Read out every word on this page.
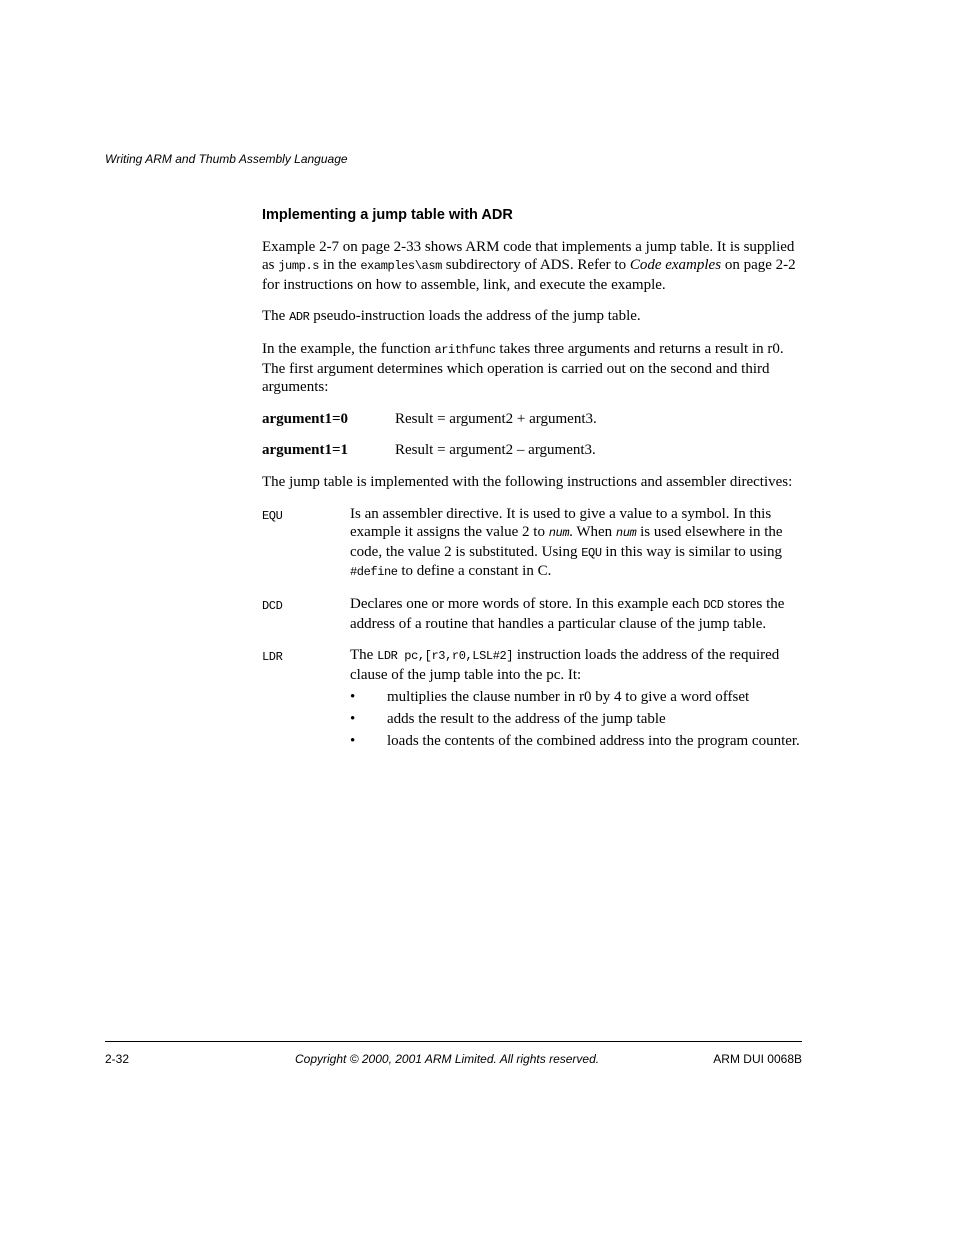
Writing ARM and Thumb Assembly Language
Implementing a jump table with ADR

Example 2-7 on page 2-33 shows ARM code that implements a jump table. It is supplied as jump.s in the examples\asm subdirectory of ADS. Refer to Code examples on page 2-2 for instructions on how to assemble, link, and execute the example.

The ADR pseudo-instruction loads the address of the jump table.

In the example, the function arithfunc takes three arguments and returns a result in r0. The first argument determines which operation is carried out on the second and third arguments:

argument1=0	Result = argument2 + argument3.
argument1=1	Result = argument2 – argument3.

The jump table is implemented with the following instructions and assembler directives:

EQU	Is an assembler directive. It is used to give a value to a symbol. In this example it assigns the value 2 to num. When num is used elsewhere in the code, the value 2 is substituted. Using EQU in this way is similar to using #define to define a constant in C.
DCD	Declares one or more words of store. In this example each DCD stores the address of a routine that handles a particular clause of the jump table.
LDR	The LDR pc,[r3,r0,LSL#2] instruction loads the address of the required clause of the jump table into the pc. It:
•	multiplies the clause number in r0 by 4 to give a word offset
•	adds the result to the address of the jump table
•	loads the contents of the combined address into the program counter.
2-32	Copyright © 2000, 2001 ARM Limited. All rights reserved.	ARM DUI 0068B
